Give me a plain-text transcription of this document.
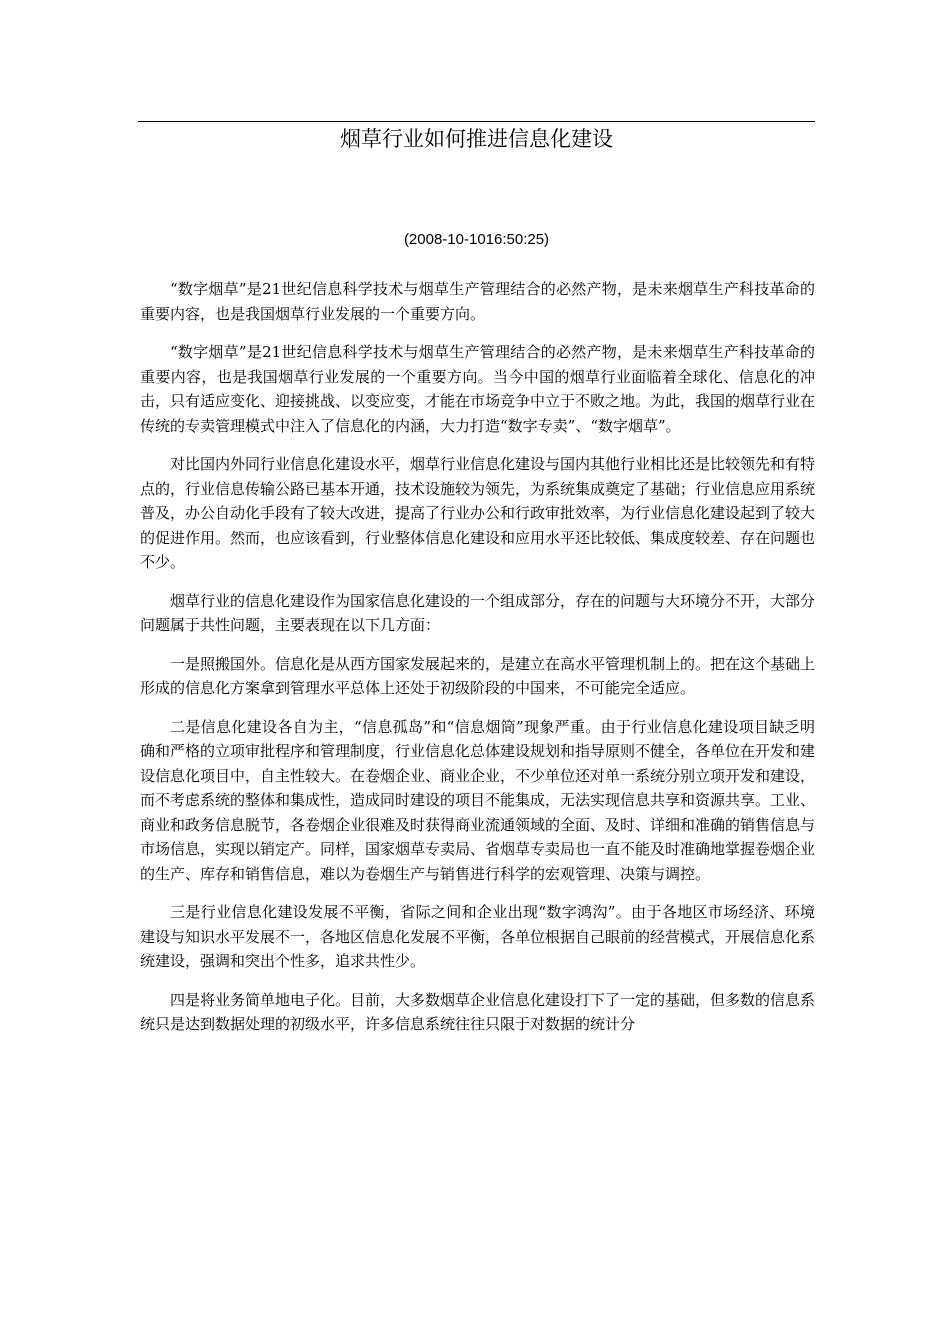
烟草行业如何推进信息化建设
(2008-10-1016:50:25)

“数字烟草”是21世纪信息科学技术与烟草生产管理结合的必然产物，是未来烟草生产科技革命的重要内容，也是我国烟草行业发展的一个重要方向。

“数字烟草”是21世纪信息科学技术与烟草生产管理结合的必然产物，是未来烟草生产科技革命的重要内容，也是我国烟草行业发展的一个重要方向。当今中国的烟草行业面临着全球化、信息化的冲击，只有适应变化、迎接挑战、以变应变，才能在市场竞争中立于不败之地。为此，我国的烟草行业在传统的专卖管理模式中注入了信息化的内涵，大力打造“数字专卖”、“数字烟草”。

对比国内外同行业信息化建设水平，烟草行业信息化建设与国内其他行业相比还是比较领先和有特点的，行业信息传输公路已基本开通，技术设施较为领先，为系统集成奠定了基础；行业信息应用系统普及，办公自动化手段有了较大改进，提高了行业办公和行政审批效率，为行业信息化建设起到了较大的促进作用。然而，也应该看到，行业整体信息化建设和应用水平还比较低、集成度较差、存在问题也不少。

烟草行业的信息化建设作为国家信息化建设的一个组成部分，存在的问题与大环境分不开，大部分问题属于共性问题，主要表现在以下几方面：

一是照搬国外。信息化是从西方国家发展起来的，是建立在高水平管理机制上的。把在这个基础上形成的信息化方案拿到管理水平总体上还处于初级阶段的中国来，不可能完全适应。

二是信息化建设各自为主，“信息孤岛”和“信息烟筒”现象严重。由于行业信息化建设项目缺乏明确和严格的立项审批程序和管理制度，行业信息化总体建设规划和指导原则不健全，各单位在开发和建设信息化项目中，自主性较大。在卷烟企业、商业企业，不少单位还对单一系统分别立项开发和建设，而不考虑系统的整体和集成性，造成同时建设的项目不能集成，无法实现信息共享和资源共享。工业、商业和政务信息脱节，各卷烟企业很难及时获得商业流通领域的全面、及时、详细和准确的销售信息与市场信息，实现以销定产。同样，国家烟草专卖局、省烟草专卖局也一直不能及时准确地掌握卷烟企业的生产、库存和销售信息，难以为卷烟生产与销售进行科学的宏观管理、决策与调控。

三是行业信息化建设发展不平衡，省际之间和企业出现“数字鸿沟”。由于各地区市场经济、环境建设与知识水平发展不一，各地区信息化发展不平衡，各单位根据自己眼前的经营模式，开展信息化系统建设，强调和突出个性多，追求共性少。

四是将业务简单地电子化。目前，大多数烟草企业信息化建设打下了一定的基础，但多数的信息系统只是达到数据处理的初级水平，许多信息系统往往只限于对数据的统计分
